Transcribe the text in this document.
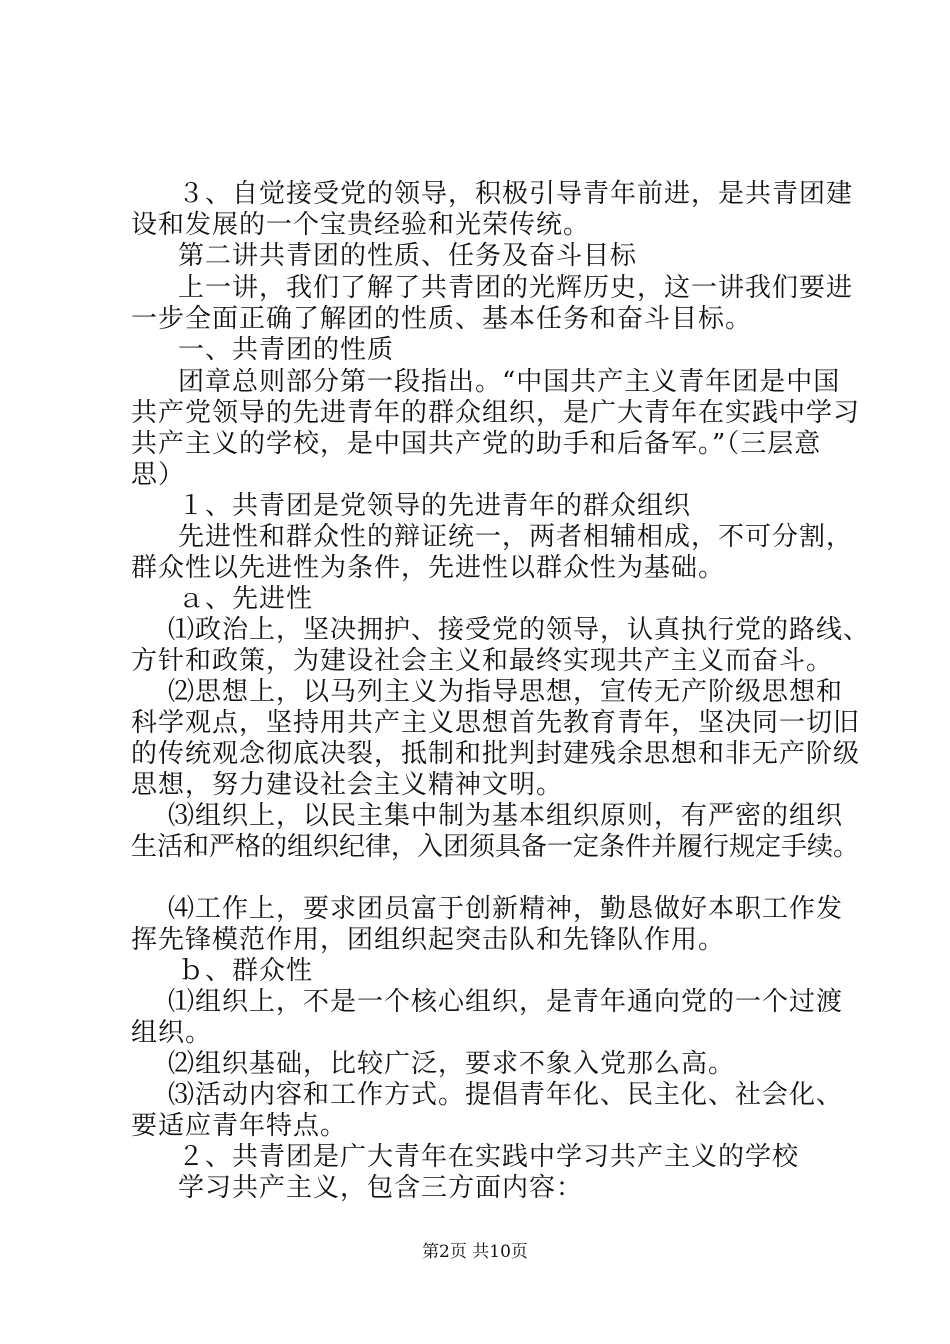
３、自觉接受党的领导，积极引导青年前进，是共青团建
设和发展的一个宝贵经验和光荣传统。
第二讲共青团的性质、任务及奋斗目标
上一讲，我们了解了共青团的光辉历史，这一讲我们要进
一步全面正确了解团的性质、基本任务和奋斗目标。
一、共青团的性质
团章总则部分第一段指出。“中国共产主义青年团是中国
共产党领导的先进青年的群众组织，是广大青年在实践中学习
共产主义的学校，是中国共产党的助手和后备军。”（三层意
思）
１、共青团是党领导的先进青年的群众组织
先进性和群众性的辩证统一，两者相辅相成，不可分割，
群众性以先进性为条件，先进性以群众性为基础。
ａ、先进性
⑴政治上，坚决拥护、接受党的领导，认真执行党的路线、
方针和政策，为建设社会主义和最终实现共产主义而奋斗。
⑵思想上，以马列主义为指导思想，宣传无产阶级思想和
科学观点，坚持用共产主义思想首先教育青年，坚决同一切旧
的传统观念彻底决裂，抵制和批判封建残余思想和非无产阶级
思想，努力建设社会主义精神文明。
⑶组织上，以民主集中制为基本组织原则，有严密的组织
生活和严格的组织纪律，入团须具备一定条件并履行规定手续。
⑷工作上，要求团员富于创新精神，勤恳做好本职工作发
挥先锋模范作用，团组织起突击队和先锋队作用。
ｂ、群众性
⑴组织上，不是一个核心组织，是青年通向党的一个过渡
组织。
⑵组织基础，比较广泛，要求不象入党那么高。
⑶活动内容和工作方式。提倡青年化、民主化、社会化、
要适应青年特点。
２、共青团是广大青年在实践中学习共产主义的学校
学习共产主义，包含三方面内容：
第2页 共10页
